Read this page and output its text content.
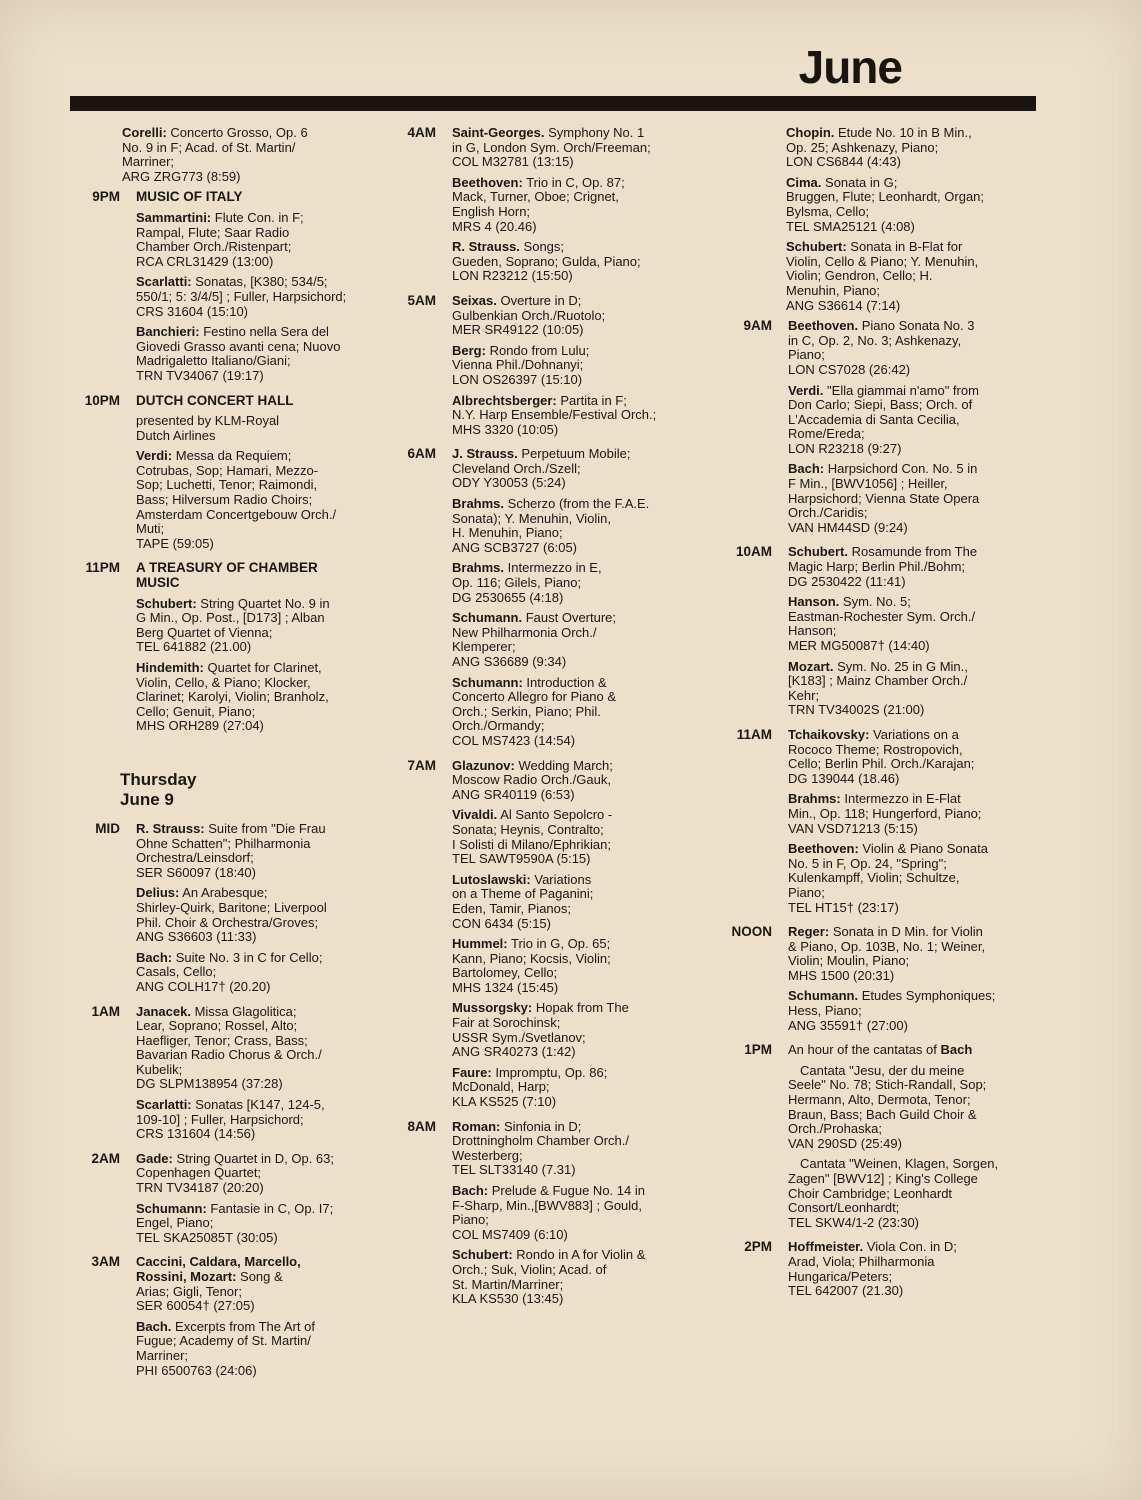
June
Corelli: Concerto Grosso, Op. 6
No. 9 in F; Acad. of St. Martin/
Marriner;
ARG ZRG773 (8:59)
9PM MUSIC OF ITALY
Sammartini: Flute Con. in F;
Rampal, Flute; Saar Radio
Chamber Orch./Ristenpart;
RCA CRL31429 (13:00)
Scarlatti: Sonatas, [K380; 534/5;
550/1; 5: 3/4/5] ; Fuller, Harpsichord;
CRS 31604 (15:10)
Banchieri: Festino nella Sera del
Giovedi Grasso avanti cena; Nuovo
Madrigaletto Italiano/Giani;
TRN TV34067 (19:17)
10PM DUTCH CONCERT HALL
presented by KLM-Royal
Dutch Airlines
Verdi: Messa da Requiem;
Cotrubas, Sop; Hamari, Mezzo-
Sop; Luchetti, Tenor; Raimondi,
Bass; Hilversum Radio Choirs;
Amsterdam Concertgebouw Orch./
Muti;
TAPE (59:05)
11PM A TREASURY OF CHAMBER
MUSIC
Schubert: String Quartet No. 9 in
G Min., Op. Post., [D173] ; Alban
Berg Quartet of Vienna;
TEL 641882 (21.00)
Hindemith: Quartet for Clarinet,
Violin, Cello, & Piano; Klocker,
Clarinet; Karolyi, Violin; Branholz,
Cello; Genuit, Piano;
MHS ORH289 (27:04)
Thursday
June 9
MID R. Strauss: Suite from "Die Frau
Ohne Schatten"; Philharmonia
Orchestra/Leinsdorf;
SER S60097 (18:40)
Delius: An Arabesque;
Shirley-Quirk, Baritone; Liverpool
Phil. Choir & Orchestra/Groves;
ANG S36603 (11:33)
Bach: Suite No. 3 in C for Cello;
Casals, Cello;
ANG COLH17† (20.20)
1AM Janacek. Missa Glagolitica;
Lear, Soprano; Rossel, Alto;
Haefliger, Tenor; Crass, Bass;
Bavarian Radio Chorus & Orch./
Kubelik;
DG SLPM138954 (37:28)
Scarlatti: Sonatas [K147, 124-5,
109-10] ; Fuller, Harpsichord;
CRS 131604 (14:56)
2AM Gade: String Quartet in D, Op. 63;
Copenhagen Quartet;
TRN TV34187 (20:20)
Schumann: Fantasie in C, Op. I7;
Engel, Piano;
TEL SKA25085T (30:05)
3AM Caccini, Caldara, Marcello,
Rossini, Mozart: Song &
Arias; Gigli, Tenor;
SER 60054† (27:05)
Bach. Excerpts from The Art of
Fugue; Academy of St. Martin/
Marriner;
PHI 6500763 (24:06)
4AM Saint-Georges. Symphony No. 1
in G, London Sym. Orch/Freeman;
COL M32781 (13:15)
Beethoven: Trio in C, Op. 87;
Mack, Turner, Oboe; Crignet,
English Horn;
MRS 4 (20.46)
R. Strauss. Songs;
Gueden, Soprano; Gulda, Piano;
LON R23212 (15:50)
5AM Seixas. Overture in D;
Gulbenkian Orch./Ruotolo;
MER SR49122 (10:05)
Berg: Rondo from Lulu;
Vienna Phil./Dohnanyi;
LON OS26397 (15:10)
Albrechtsberger: Partita in F;
N.Y. Harp Ensemble/Festival Orch.;
MHS 3320 (10:05)
6AM J. Strauss. Perpetuum Mobile;
Cleveland Orch./Szell;
ODY Y30053 (5:24)
Brahms. Scherzo (from the F.A.E.
Sonata); Y. Menuhin, Violin,
H. Menuhin, Piano;
ANG SCB3727 (6:05)
Brahms. Intermezzo in E,
Op. 116; Gilels, Piano;
DG 2530655 (4:18)
Schumann. Faust Overture;
New Philharmonia Orch./
Klemperer;
ANG S36689 (9:34)
Schumann: Introduction &
Concerto Allegro for Piano &
Orch.; Serkin, Piano; Phil.
Orch./Ormandy;
COL MS7423 (14:54)
7AM Glazunov: Wedding March;
Moscow Radio Orch./Gauk,
ANG SR40119 (6:53)
Vivaldi. Al Santo Sepolcro -
Sonata; Heynis, Contralto;
I Solisti di Milano/Ephrikian;
TEL SAWT9590A (5:15)
Lutoslawski: Variations
on a Theme of Paganini;
Eden, Tamir, Pianos;
CON 6434 (5:15)
Hummel: Trio in G, Op. 65;
Kann, Piano; Kocsis, Violin;
Bartolomey, Cello;
MHS 1324 (15:45)
Mussorgsky: Hopak from The
Fair at Sorochinsk;
USSR Sym./Svetlanov;
ANG SR40273 (1:42)
Faure: Impromptu, Op. 86;
McDonald, Harp;
KLA KS525 (7:10)
8AM Roman: Sinfonia in D;
Drottningholm Chamber Orch./
Westerberg;
TEL SLT33140 (7.31)
Bach: Prelude & Fugue No. 14 in
F-Sharp, Min.,[BWV883] ; Gould,
Piano;
COL MS7409 (6:10)
Schubert: Rondo in A for Violin &
Orch.; Suk, Violin; Acad. of
St. Martin/Marriner;
KLA KS530 (13:45)
Chopin. Etude No. 10 in B Min.,
Op. 25; Ashkenazy, Piano;
LON CS6844 (4:43)
Cima. Sonata in G;
Bruggen, Flute; Leonhardt, Organ;
Bylsma, Cello;
TEL SMA25121 (4:08)
Schubert: Sonata in B-Flat for
Violin, Cello & Piano; Y. Menuhin,
Violin; Gendron, Cello; H.
Menuhin, Piano;
ANG S36614 (7:14)
9AM Beethoven. Piano Sonata No. 3
in C, Op. 2, No. 3; Ashkenazy,
Piano;
LON CS7028 (26:42)
Verdi. "Ella giammai n'amo" from
Don Carlo; Siepi, Bass; Orch. of
L'Accademia di Santa Cecilia,
Rome/Ereda;
LON R23218 (9:27)
Bach: Harpsichord Con. No. 5 in
F Min., [BWV1056] ; Heiller,
Harpsichord; Vienna State Opera
Orch./Caridis;
VAN HM44SD (9:24)
10AM Schubert. Rosamunde from The
Magic Harp; Berlin Phil./Bohm;
DG 2530422 (11:41)
Hanson. Sym. No. 5;
Eastman-Rochester Sym. Orch./
Hanson;
MER MG50087† (14:40)
Mozart. Sym. No. 25 in G Min.,
[K183] ; Mainz Chamber Orch./
Kehr;
TRN TV34002S (21:00)
11AM Tchaikovsky: Variations on a
Rococo Theme; Rostropovich,
Cello; Berlin Phil. Orch./Karajan;
DG 139044 (18.46)
Brahms: Intermezzo in E-Flat
Min., Op. 118; Hungerford, Piano;
VAN VSD71213 (5:15)
Beethoven: Violin & Piano Sonata
No. 5 in F, Op. 24, "Spring";
Kulenkampff, Violin; Schultze,
Piano;
TEL HT15† (23:17)
NOON Reger: Sonata in D Min. for Violin
& Piano, Op. 103B, No. 1; Weiner,
Violin; Moulin, Piano;
MHS 1500 (20:31)
Schumann. Etudes Symphoniques;
Hess, Piano;
ANG 35591† (27:00)
1PM An hour of the cantatas of Bach
Cantata "Jesu, der du meine
Seele" No. 78; Stich-Randall, Sop;
Hermann, Alto, Dermota, Tenor;
Braun, Bass; Bach Guild Choir &
Orch./Prohaska;
VAN 290SD (25:49)
Cantata "Weinen, Klagen, Sorgen,
Zagen" [BWV12] ; King's College
Choir Cambridge; Leonhardt
Consort/Leonhardt;
TEL SKW4/1-2 (23:30)
2PM Hoffmeister. Viola Con. in D;
Arad, Viola; Philharmonia
Hungarica/Peters;
TEL 642007 (21.30)
